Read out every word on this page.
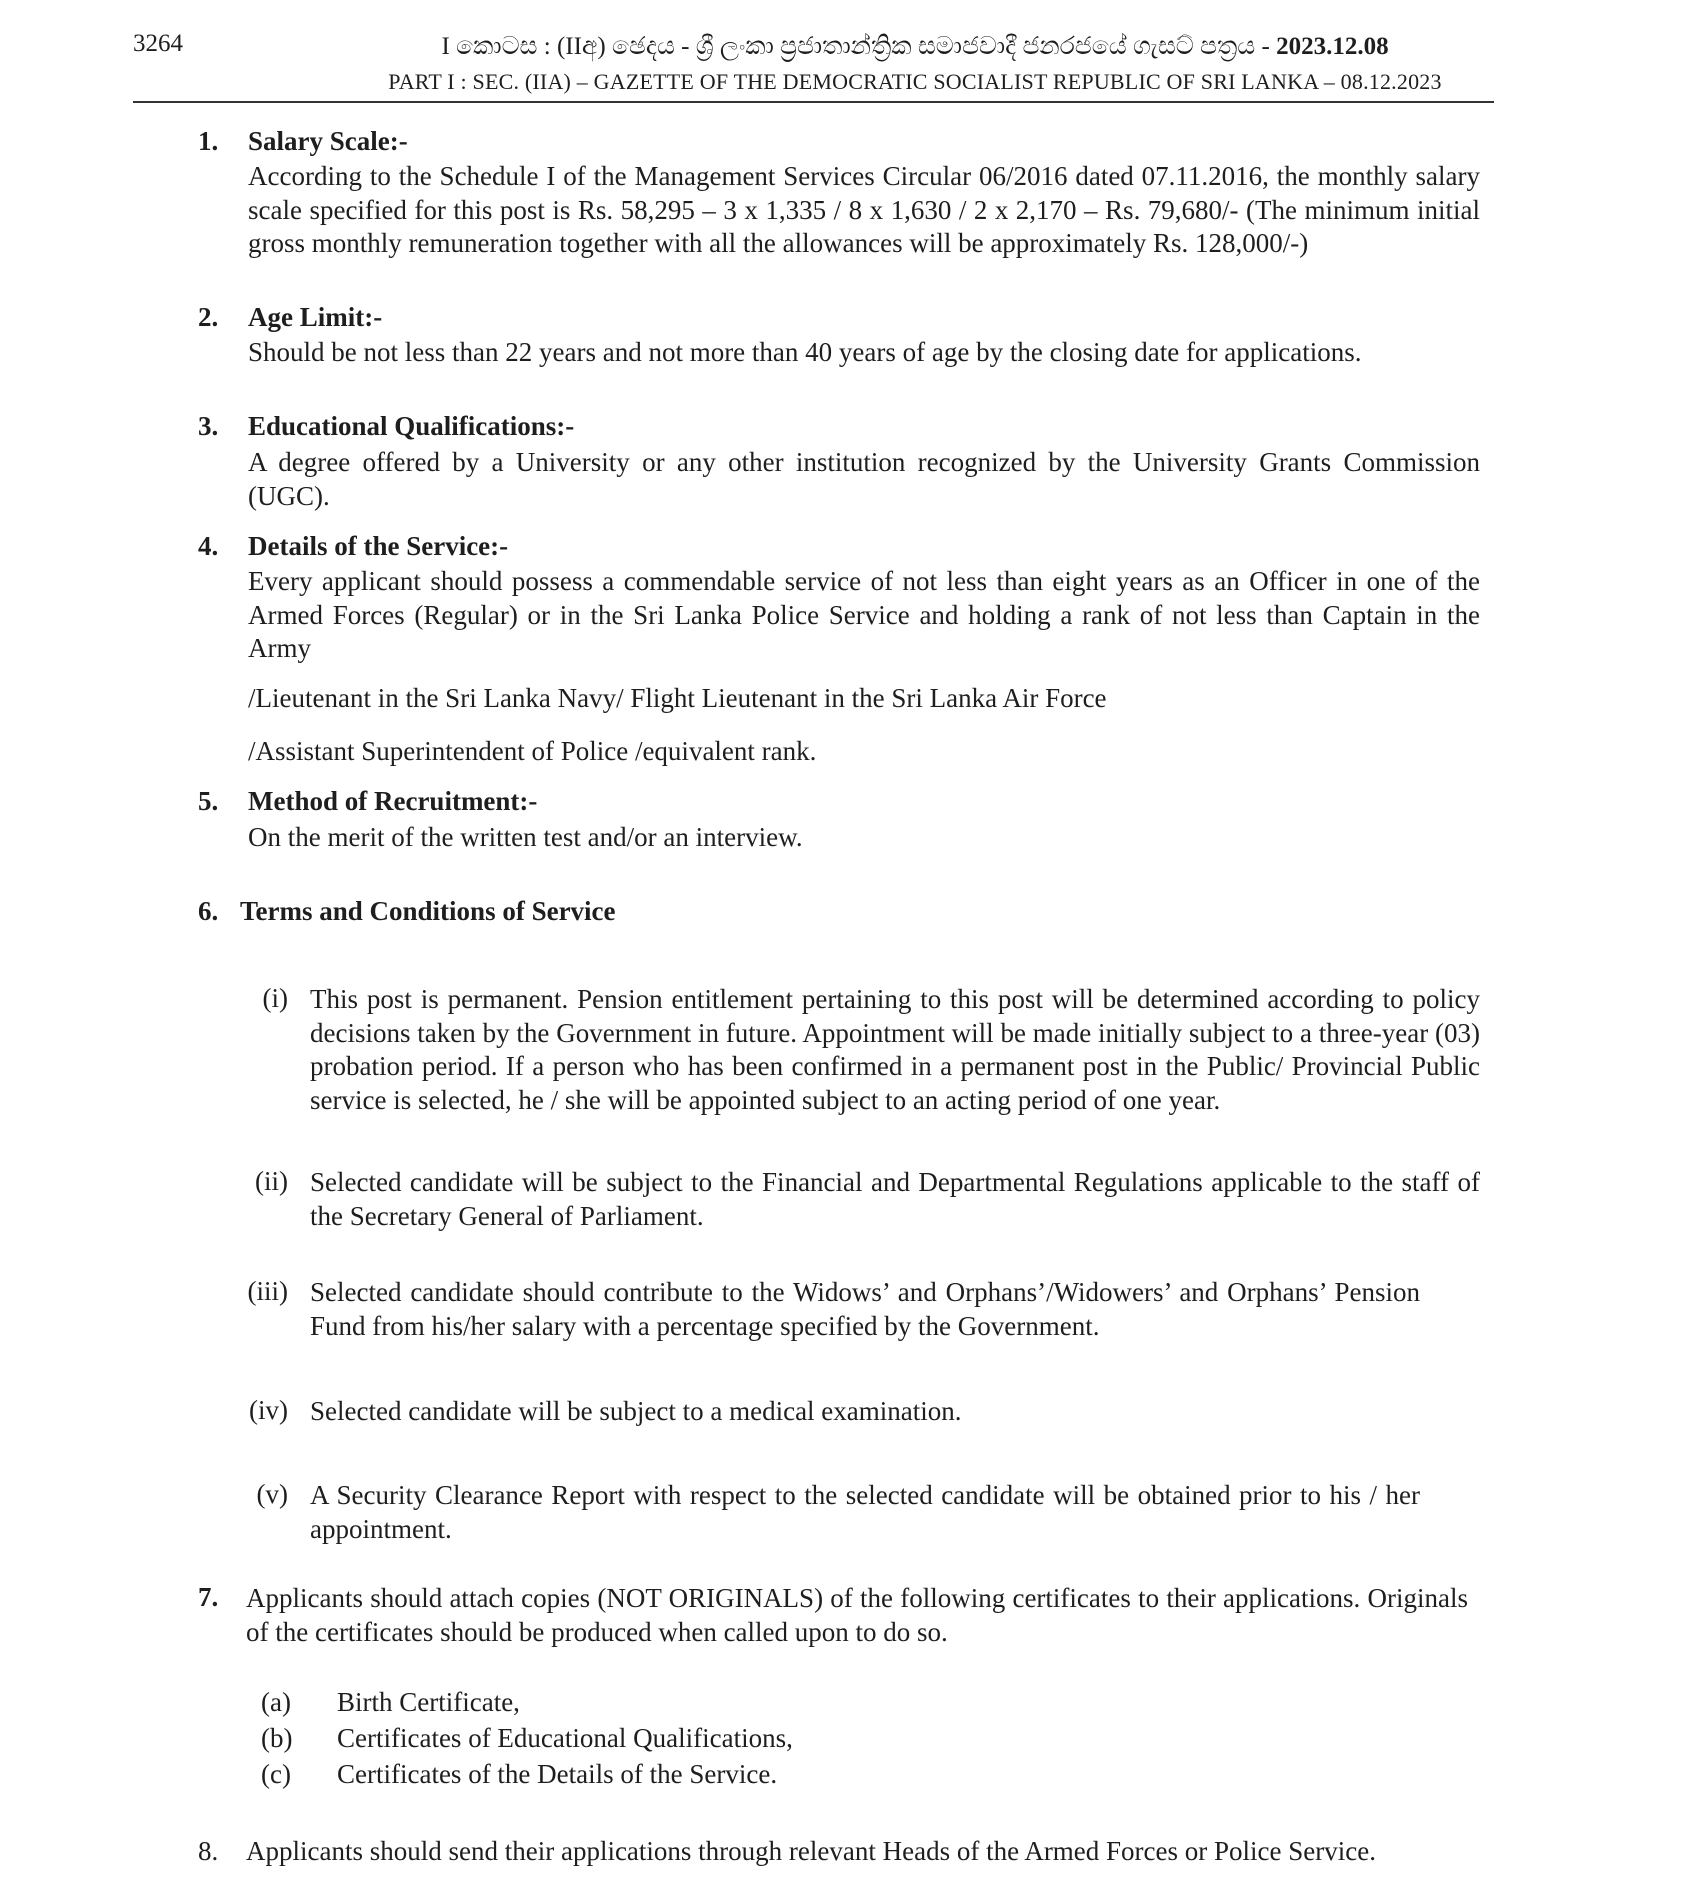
3264	I කොටස : (IIඅ) ඡෙදය - ශ්‍රී ලංකා ප්‍රජාතාන්ත්‍රික සමාජවාදී ජනරජයේ ගැසට් පත්‍රය - 2023.12.08
PART I : SEC. (IIA) – GAZETTE OF THE DEMOCRATIC SOCIALIST REPUBLIC OF SRI LANKA – 08.12.2023
1. Salary Scale:-
According to the Schedule I of the Management Services Circular 06/2016 dated 07.11.2016, the monthly salary scale specified for this post is Rs. 58,295 – 3 x 1,335 / 8 x 1,630 / 2 x 2,170 – Rs. 79,680/- (The minimum initial gross monthly remuneration together with all the allowances will be approximately Rs. 128,000/-)
2. Age Limit:-
Should be not less than 22 years and not more than 40 years of age by the closing date for applications.
3. Educational Qualifications:-
A degree offered by a University or any other institution recognized by the University Grants Commission (UGC).
4. Details of the Service:-
Every applicant should possess a commendable service of not less than eight years as an Officer in one of the Armed Forces (Regular) or in the Sri Lanka Police Service and holding a rank of not less than Captain in the Army
/Lieutenant in the Sri Lanka Navy/ Flight Lieutenant in the Sri Lanka Air Force
/Assistant Superintendent of Police /equivalent rank.
5. Method of Recruitment:-
On the merit of the written test and/or an interview.
6. Terms and Conditions of Service
(i) This post is permanent. Pension entitlement pertaining to this post will be determined according to policy decisions taken by the Government in future. Appointment will be made initially subject to a three-year (03) probation period. If a person who has been confirmed in a permanent post in the Public/ Provincial Public service is selected, he / she will be appointed subject to an acting period of one year.
(ii) Selected candidate will be subject to the Financial and Departmental Regulations applicable to the staff of the Secretary General of Parliament.
(iii) Selected candidate should contribute to the Widows’ and Orphans’/Widowers’ and Orphans’ Pension Fund from his/her salary with a percentage specified by the Government.
(iv) Selected candidate will be subject to a medical examination.
(v) A Security Clearance Report with respect to the selected candidate will be obtained prior to his / her appointment.
7. Applicants should attach copies (NOT ORIGINALS) of the following certificates to their applications. Originals of the certificates should be produced when called upon to do so.
(a) Birth Certificate,
(b) Certificates of Educational Qualifications,
(c) Certificates of the Details of the Service.
8. Applicants should send their applications through relevant Heads of the Armed Forces or Police Service.
